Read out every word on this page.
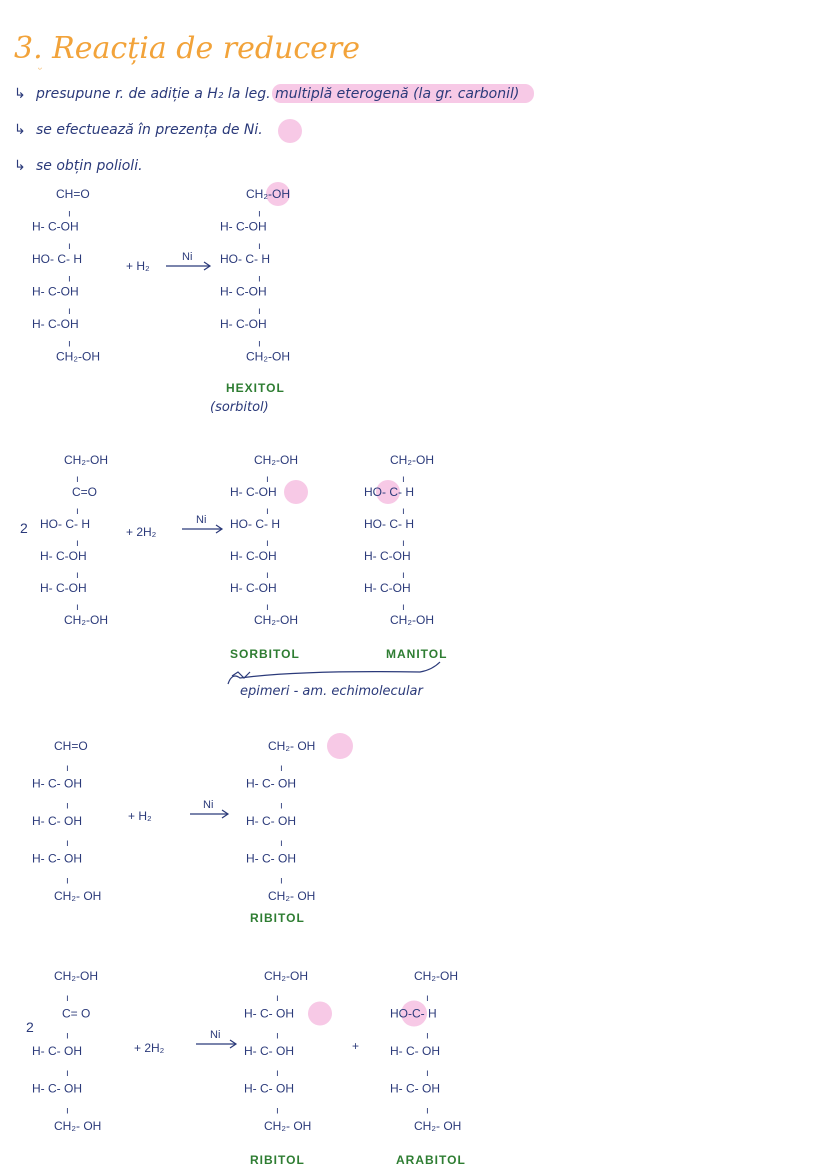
3. Reacția de reducere
ᵕ
↳ presupune r. de adiție a H₂ la leg. multiplă eterogenă (la gr. carbonil)
↳ se efectuează în prezența de Ni.
↳ se obțin polioli.
CH=O
ı
H- C-OH
ı
HO- C- H
ı
H- C-OH
ı
H- C-OH
ı
CH₂-OH
+ H₂
Ni
CH₂-OH
ı
H- C-OH
ı
HO- C- H
ı
H- C-OH
ı
H- C-OH
ı
CH₂-OH
HEXITOL
(sorbitol)
CH₂-OH
ı
C=O
ı
HO- C- H
ı
H- C-OH
ı
H- C-OH
ı
CH₂-OH
2	+ 2H₂
Ni
CH₂-OH
ı
H- C-OH
ı
HO- C- H
ı
H- C-OH
ı
H- C-OH
ı
CH₂-OH
SORBITOL
CH₂-OH
ı
HO- C- H
ı
HO- C- H
ı
H- C-OH
ı
H- C-OH
ı
CH₂-OH
MANITOL
CH=O
ı
H- C- OH
ı
H- C- OH
ı
H- C- OH
ı
CH₂- OH
+ H₂
Ni
CH₂- OH
ı
H- C- OH
ı
H- C- OH
ı
H- C- OH
ı
CH₂- OH
RIBITOL
CH₂-OH
ı
C= O
ı
H- C- OH
ı
H- C- OH
ı
CH₂- OH
2
+ 2H₂
Ni
+
CH₂-OH
ı
H- C- OH
ı
H- C- OH
ı
H- C- OH
ı
CH₂- OH
RIBITOL
CH₂-OH
ı
HO-C- H
ı
H- C- OH
ı
H- C- OH
ı
CH₂- OH
ARABITOL
epimeri - am. echimolecular
